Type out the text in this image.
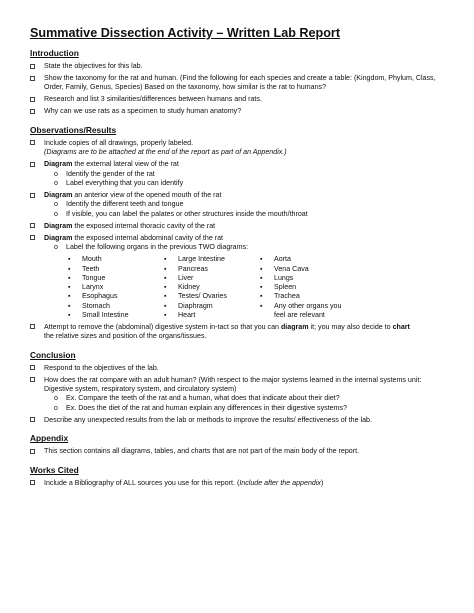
Summative Dissection Activity – Written Lab Report
Introduction
State the objectives for this lab.
Show the taxonomy for the rat and human. (Find the following for each species and create a table: (Kingdom, Phylum, Class, Order, Family, Genus, Species) Based on the taxonomy, how similar is the rat to humans?
Research and list 3 similarities/differences between humans and rats.
Why can we use rats as a specimen to study human anatomy?
Observations/Results
Include copies of all drawings, properly labeled.
(Diagrams are to be attached at the end of the report as part of an Appendix.)
Diagram the external lateral view of the rat
o Identify the gender of the rat
o Label everything that you can identify
Diagram an anterior view of the opened mouth of the rat
o Identify the different teeth and tongue
o If visible, you can label the palates or other structures inside the mouth/throat
Diagram the exposed internal thoracic cavity of the rat
Diagram the exposed internal abdominal cavity of the rat
o Label the following organs in the previous TWO diagrams:
▪ Mouth
▪ Teeth
▪ Tongue
▪ Larynx
▪ Esophagus
▪ Stomach
▪ Small Intestine
▪ Large Intestine
▪ Pancreas
▪ Liver
▪ Kidney
▪ Testes/ Ovaries
▪ Diaphragm
▪ Heart
▪ Aorta
▪ Vena Cava
▪ Lungs
▪ Spleen
▪ Trachea
▪ Any other organs you
feel are relevant
Attempt to remove the (abdominal) digestive system in-tact so that you can diagram it; you may also decide to chart
the relative sizes and position of the organs/tissues.
Conclusion
Respond to the objectives of the lab.
How does the rat compare with an adult human? (With respect to the major systems learned in the internal systems unit: Digestive system, respiratory system, and circulatory system)
o Ex. Compare the teeth of the rat and a human, what does that indicate about their diet?
o Ex. Does the diet of the rat and human explain any differences in their digestive systems?
Describe any unexpected results from the lab or methods to improve the results/ effectiveness of the lab.
Appendix
This section contains all diagrams, tables, and charts that are not part of the main body of the report.
Works Cited
Include a Bibliography of ALL sources you use for this report. (Include after the appendix)
